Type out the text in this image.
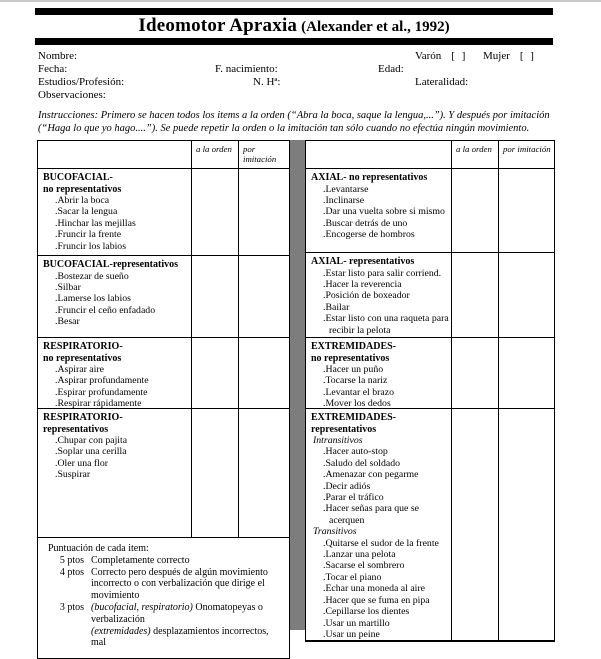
Ideomotor Apraxia (Alexander et al., 1992)
Nombre:	Varón [ ] Mujer [ ]
Fecha:	F. nacimiento:	Edad:
Estudios/Profesión:	N. Hª:	Lateralidad:
Observaciones:
Instrucciones: Primero se hacen todos los items a la orden (“Abra la boca, saque la lengua,...”). Y después por imitación (“Haga lo que yo hago....”). Se puede repetir la orden o la imitación tan sólo cuando no efectúa ningún movimiento.
a la orden	por imitación
BUCOFACIAL-
no representativos
.Abrir la boca
.Sacar la lengua
.Hinchar las mejillas
.Fruncir la frente
.Fruncir los labios
BUCOFACIAL-representativos
.Bostezar de sueño
.Silbar
.Lamerse los labios
.Fruncir el ceño enfadado
.Besar
RESPIRATORIO-
no representativos
.Aspirar aire
.Aspirar profundamente
.Espirar profundamente
.Respirar rápidamente
RESPIRATORIO-
representativos
.Chupar con pajita
.Soplar una cerilla
.Oler una flor
.Suspirar
Puntuación de cada item:
5 ptos Completamente correcto
4 ptos Correcto pero después de algún movimiento incorrecto o con verbalización que dirige el movimiento
3 ptos (bucofacial, respiratorio) Onomatopeyas o verbalización
(extremidades) desplazamientos incorrectos, mal
a la orden	por imitación
AXIAL- no representativos
.Levantarse
.Inclinarse
.Dar una vuelta sobre si mismo
.Buscar detrás de uno
.Encogerse de hombros
AXIAL- representativos
.Estar listo para salir corriend.
.Hacer la reverencia
.Posición de boxeador
.Bailar
.Estar listo con una raqueta para recibir la pelota
EXTREMIDADES-
no representativos
.Hacer un puño
.Tocarse la nariz
.Levantar el brazo
.Mover los dedos
EXTREMIDADES-
representativos
Intransitivos
.Hacer auto-stop
.Saludo del soldado
.Amenazar con pegarme
.Decir adiós
.Parar el tráfico
.Hacer señas para que se acerquen
Transitivos
.Quitarse el sudor de la frente
.Lanzar una pelota
.Sacarse el sombrero
.Tocar el piano
.Echar una moneda al aire
.Hacer que se fuma en pipa
.Cepillarse los dientes
.Usar un martillo
.Usar un peine
